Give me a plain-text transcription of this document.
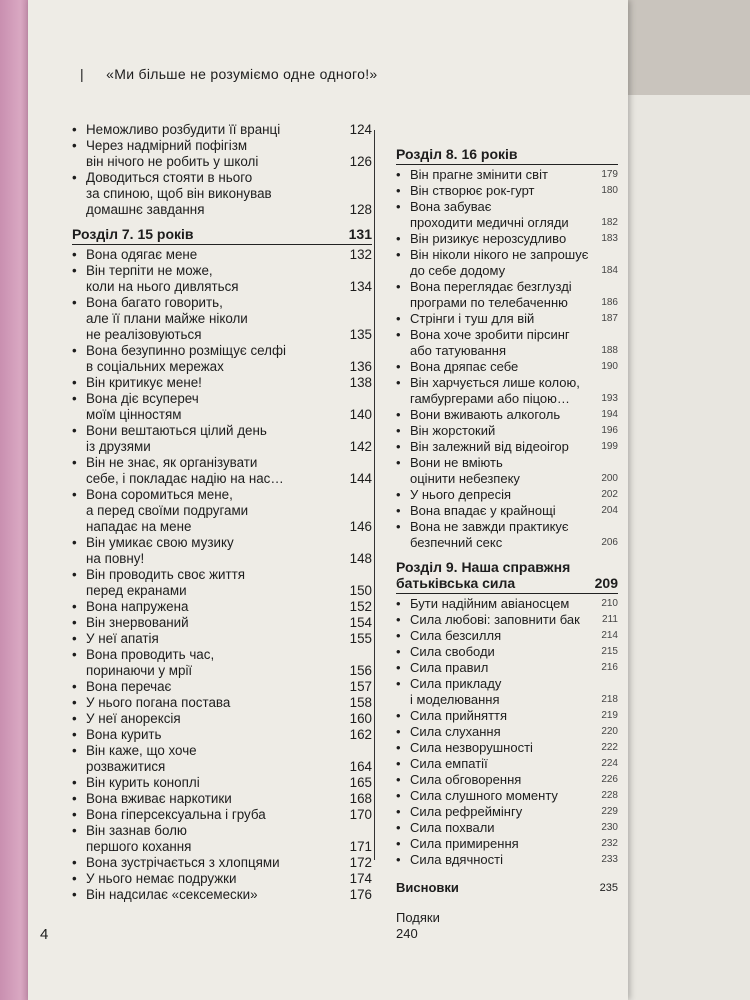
| «Ми більше не розуміємо одне одного!»
• Неможливо розбудити її вранці	124
• Через надмірний пофігізм
він нічого не робить у школі	126
• Доводиться стояти в нього
за спиною, щоб він виконував
домашнє завдання	128
Розділ 7. 15 років	131
• Вона одягає мене	132
• Він терпіти не може,
коли на нього дивляться	134
• Вона багато говорить,
але її плани майже ніколи
не реалізовуються	135
• Вона безупинно розміщує селфі
в соціальних мережах	136
• Він критикує мене!	138
• Вона діє всупереч
моїм цінностям	140
• Вони вештаються цілий день
із друзями	142
• Він не знає, як організувати
себе, і покладає надію на нас…	144
• Вона соромиться мене,
а перед своїми подругами
нападає на мене	146
• Він умикає свою музику
на повну!	148
• Він проводить своє життя
перед екранами	150
• Вона напружена	152
• Він знервований	154
• У неї апатія	155
• Вона проводить час,
поринаючи у мрії	156
• Вона перечає	157
• У нього погана постава	158
• У неї анорексія	160
• Вона курить	162
• Він каже, що хоче
розважитися	164
• Він курить коноплі	165
• Вона вживає наркотики	168
• Вона гіперсексуальна і груба	170
• Він зазнав болю
першого кохання	171
• Вона зустрічається з хлопцями	172
• У нього немає подружки	174
• Він надсилає «сексемески»	176
Розділ 8. 16 років
• Він прагне змінити світ	179
• Він створює рок-гурт	180
• Вона забуває
проходити медичні огляди	182
• Він ризикує нерозсудливо	183
• Він ніколи нікого не запрошує
до себе додому	184
• Вона переглядає безглузді
програми по телебаченню	186
• Стрінги і туш для вій	187
• Вона хоче зробити пірсинг
або татуювання	188
• Вона дряпає себе	190
• Він харчується лише колою,
гамбургерами або піцою…	193
• Вони вживають алкоголь	194
• Він жорстокий	196
• Він залежний від відеоігор	199
• Вони не вміють
оцінити небезпеку	200
• У нього депресія	202
• Вона впадає у крайнощі	204
• Вона не завжди практикує
безпечний секс	206
Розділ 9. Наша справжня
батьківська сила	209
• Бути надійним авіаносцем	210
• Сила любові: заповнити бак	211
• Сила безсилля	214
• Сила свободи	215
• Сила правил	216
• Сила прикладу
і моделювання	218
• Сила прийняття	219
• Сила слухання	220
• Сила незворушності	222
• Сила емпатії	224
• Сила обговорення	226
• Сила слушного моменту	228
• Сила рефреймінгу	229
• Сила похвали	230
• Сила примирення	232
• Сила вдячності	233
Висновки	235
Подяки
240
4
